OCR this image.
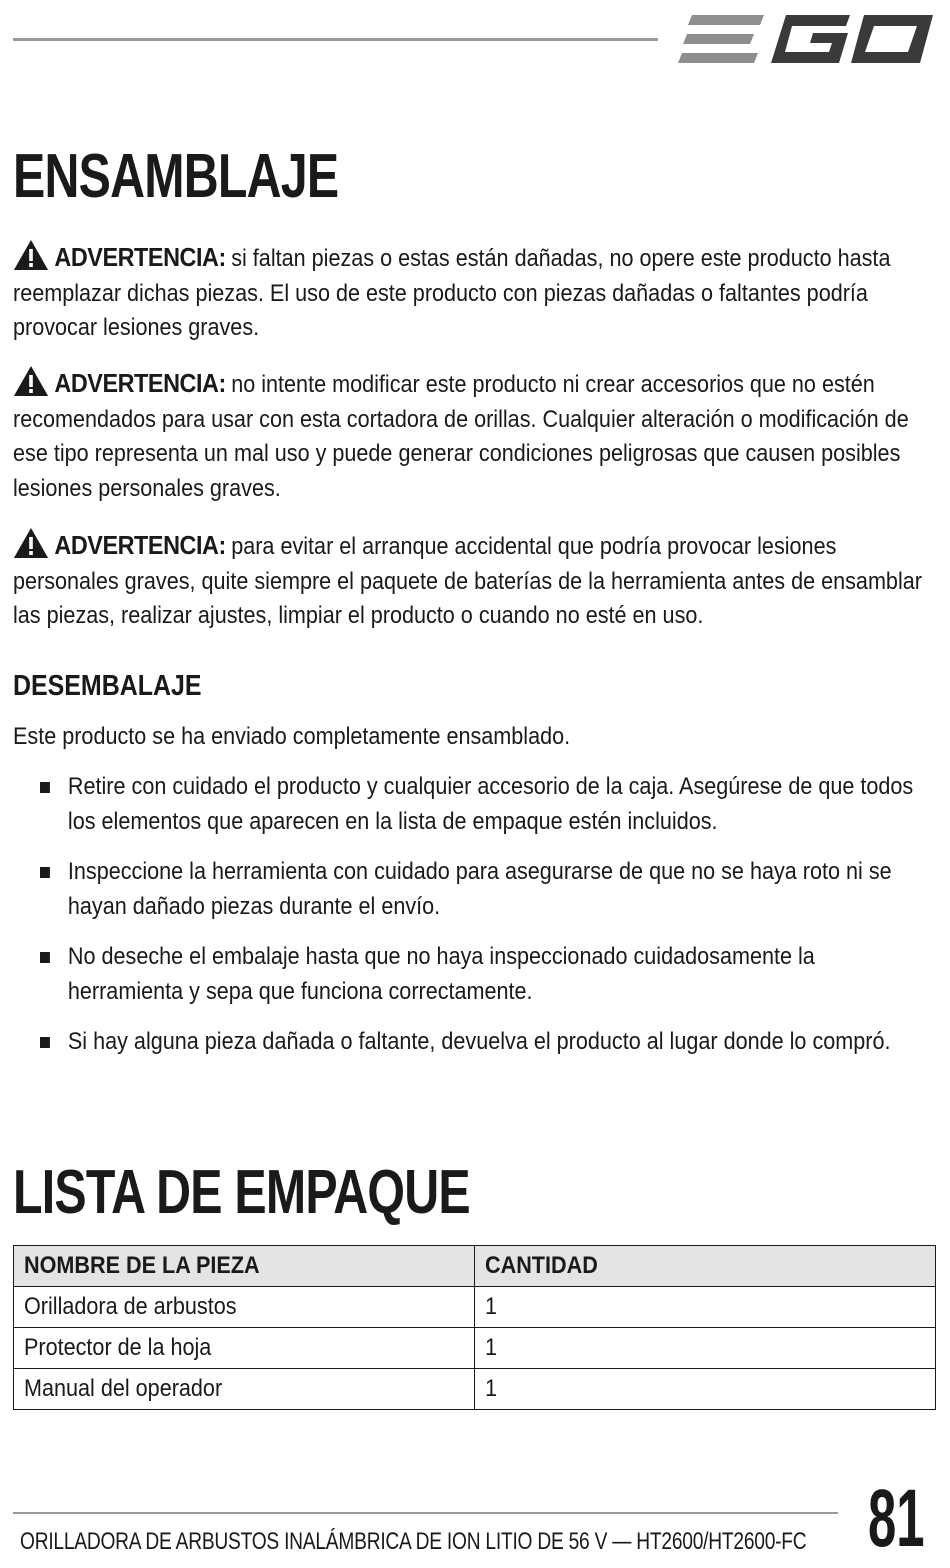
ENSAMBLAJE
ADVERTENCIA: si faltan piezas o estas están dañadas, no opere este producto hasta reemplazar dichas piezas. El uso de este producto con piezas dañadas o faltantes podría provocar lesiones graves.
ADVERTENCIA: no intente modificar este producto ni crear accesorios que no estén recomendados para usar con esta cortadora de orillas. Cualquier alteración o modificación de ese tipo representa un mal uso y puede generar condiciones peligrosas que causen posibles lesiones personales graves.
ADVERTENCIA: para evitar el arranque accidental que podría provocar lesiones personales graves, quite siempre el paquete de baterías de la herramienta antes de ensamblar las piezas, realizar ajustes, limpiar el producto o cuando no esté en uso.
DESEMBALAJE

Este producto se ha enviado completamente ensamblado.

Retire con cuidado el producto y cualquier accesorio de la caja. Asegúrese de que todos los elementos que aparecen en la lista de empaque estén incluidos.
Inspeccione la herramienta con cuidado para asegurarse de que no se haya roto ni se hayan dañado piezas durante el envío.
No deseche el embalaje hasta que no haya inspeccionado cuidadosamente la herramienta y sepa que funciona correctamente.
Si hay alguna pieza dañada o faltante, devuelva el producto al lugar donde lo compró.
LISTA DE EMPAQUE
NOMBRE DE LA PIEZA	CANTIDAD
Orilladora de arbustos	1
Protector de la hoja	1
Manual del operador	1
ORILLADORA DE ARBUSTOS INALÁMBRICA DE ION LITIO DE 56 V — HT2600/HT2600-FC 81
